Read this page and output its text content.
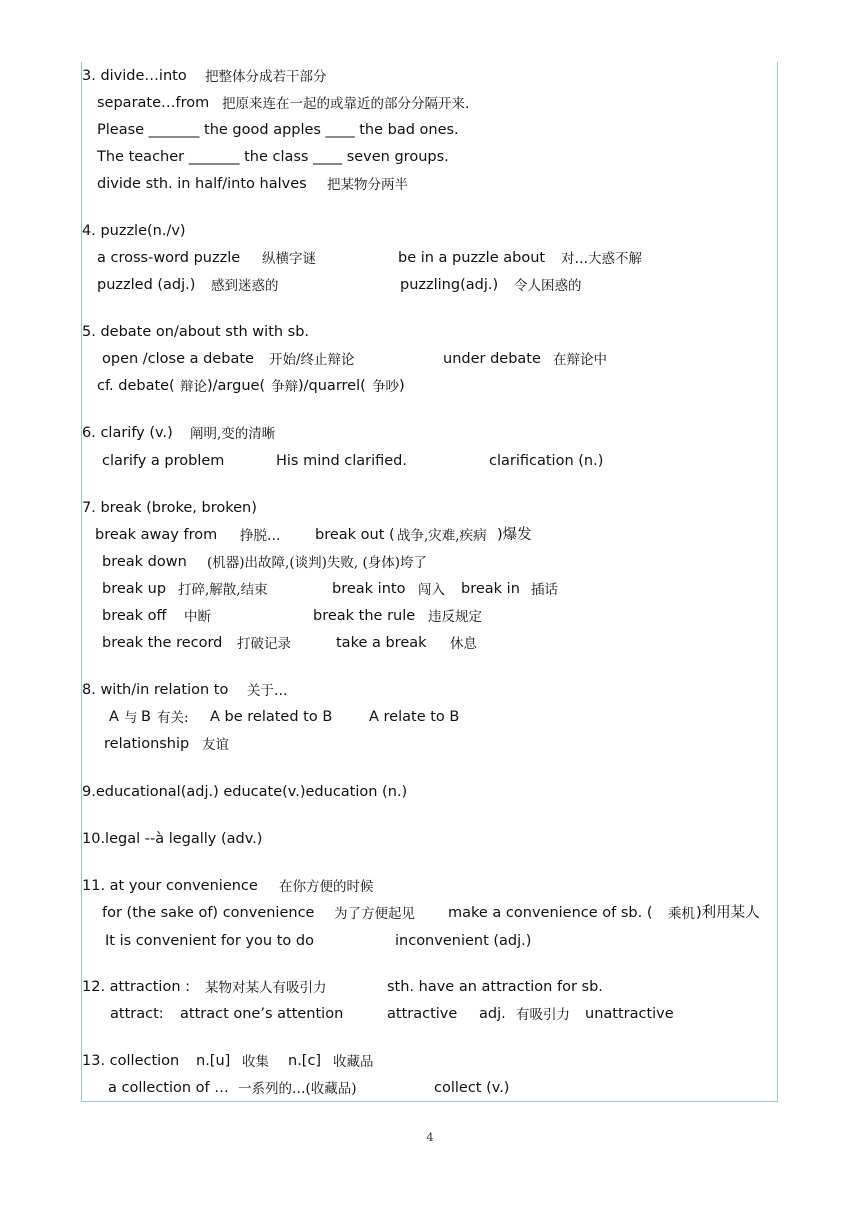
3. divide…into 把整体分成若干部分
separate…from 把原来连在一起的或靠近的部分分隔开来.
Please _______ the good apples ____ the bad ones.
The teacher _______ the class ____ seven groups.
divide sth. in half/into halves 把某物分两半
4. puzzle(n./v)
a cross-word puzzle 纵横字谜	be in a puzzle about 对…大惑不解
puzzled (adj.) 感到迷惑的	puzzling(adj.) 令人困惑的
5. debate on/about sth with sb.
open /close a debate 开始/终止辩论	under debate 在辩论中
cf. debate( 辩论 )/argue( 争辩 )/quarrel( 争吵 )
6. clarify (v.) 阐明,变的清晰
clarify a problem	His mind clarified.	clarification (n.)
7. break (broke, broken)
break away from 挣脱… break out ( 战争,灾难,疾病 )爆发
break down (机器)出故障,(谈判)失败, (身体)垮了
break up 打碎,解散,结束	break into 闯入 break in 插话
break off 中断	break the rule 违反规定
break the record 打破记录	take a break 休息
8. with/in relation to 关于…
A 与 B 有关: A be related to B	A relate to B
relationship 友谊
9.educational(adj.) educate(v.)education (n.)
10.legal --à legally (adv.)
11. at your convenience 在你方便的时候
for (the sake of) convenience 为了方便起见 make a convenience of sb. ( 乘机 )利用某人
It is convenient for you to do	inconvenient (adj.)
12. attraction : 某物对某人有吸引力	sth. have an attraction for sb.
attract: attract one’s attention	attractive adj. 有吸引力 unattractive
13. collection n.[u] 收集 n.[c] 收藏品
a collection of … 一系列的…(收藏品)	collect (v.)
4
